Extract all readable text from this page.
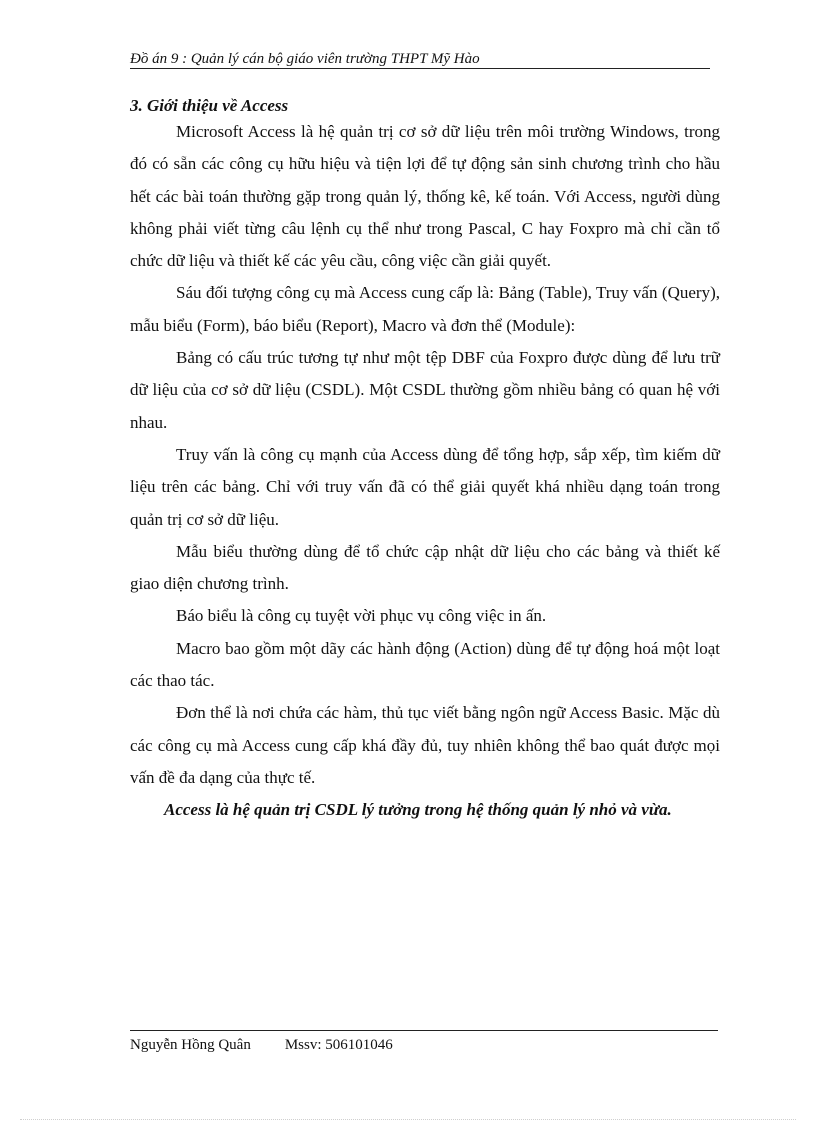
Đồ án 9 : Quản lý cán bộ giáo viên trường THPT Mỹ Hào

3. Giới thiệu về Access

Microsoft Access là hệ quản trị cơ sở dữ liệu trên môi trường Windows, trong đó có sẵn các công cụ hữu hiệu và tiện lợi để tự động sản sinh chương trình cho hầu hết các bài toán thường gặp trong quản lý, thống kê, kế toán. Với Access, người dùng không phải viết từng câu lệnh cụ thể như trong Pascal, C hay Foxpro mà chỉ cần tổ chức dữ liệu và thiết kế các yêu cầu, công việc cần giải quyết.

Sáu đối tượng công cụ mà Access cung cấp là: Bảng (Table), Truy vấn (Query), mẫu biểu (Form), báo biểu (Report), Macro và đơn thể (Module):

Bảng có cấu trúc tương tự như một tệp DBF của Foxpro được dùng để lưu trữ dữ liệu của cơ sở dữ liệu (CSDL). Một CSDL thường gồm nhiều bảng có quan hệ với nhau.

Truy vấn là công cụ mạnh của Access dùng để tổng hợp, sắp xếp, tìm kiếm dữ liệu trên các bảng. Chỉ với truy vấn đã có thể giải quyết khá nhiều dạng toán trong quản trị cơ sở dữ liệu.

Mẫu biểu thường dùng để tổ chức cập nhật dữ liệu cho các bảng và thiết kế giao diện chương trình.

Báo biểu là công cụ tuyệt vời phục vụ công việc in ấn.

Macro bao gồm một dãy các hành động (Action) dùng để tự động hoá một loạt các thao tác.

Đơn thể là nơi chứa các hàm, thủ tục viết bằng ngôn ngữ Access Basic. Mặc dù các công cụ mà Access cung cấp khá đầy đủ, tuy nhiên không thể bao quát được mọi vấn đề đa dạng của thực tế.

Access là hệ quản trị CSDL lý tưởng trong hệ thống quản lý nhỏ và vừa.

Nguyễn Hồng Quân Mssv: 506101046
